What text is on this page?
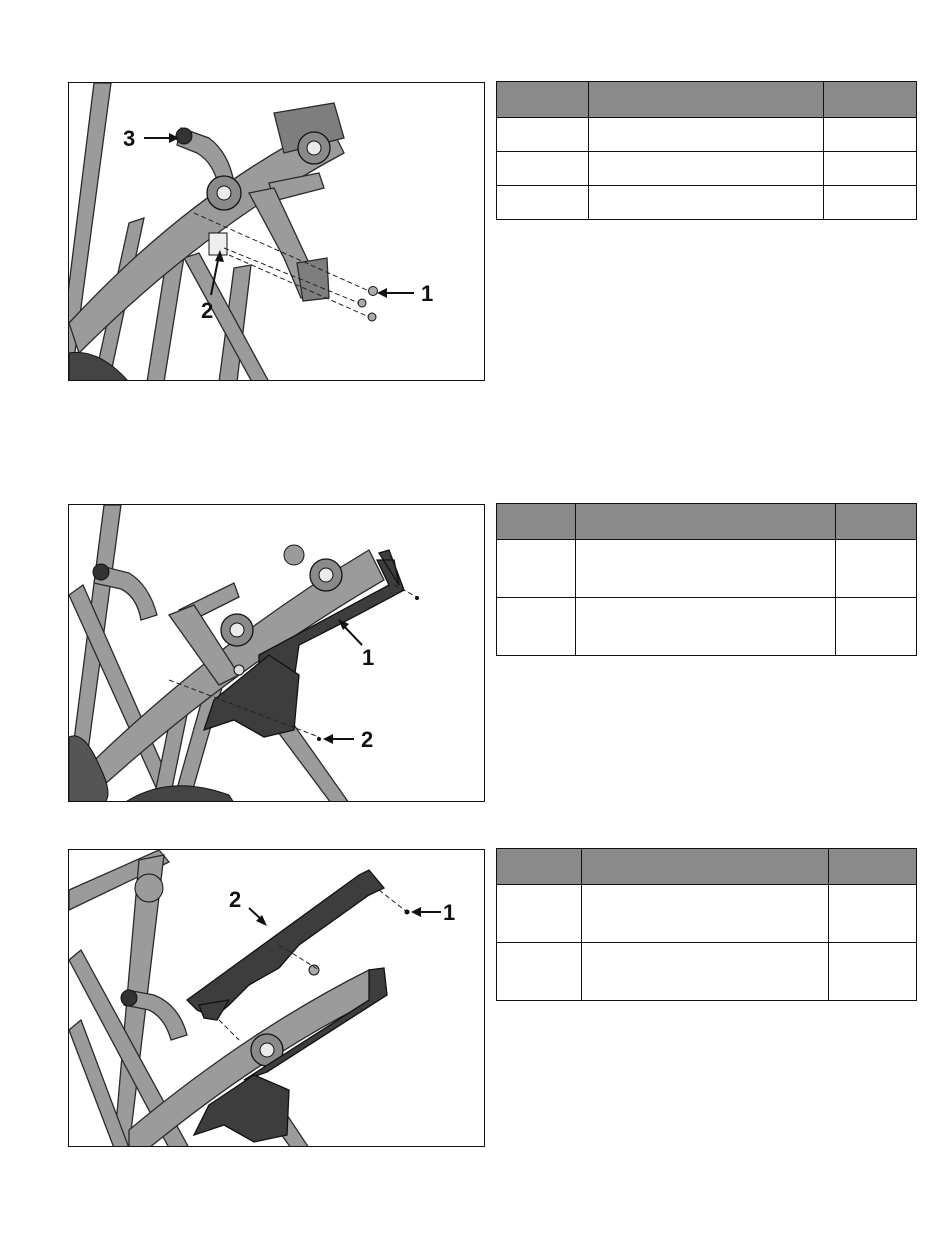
3
1
2

1
2

1
2
